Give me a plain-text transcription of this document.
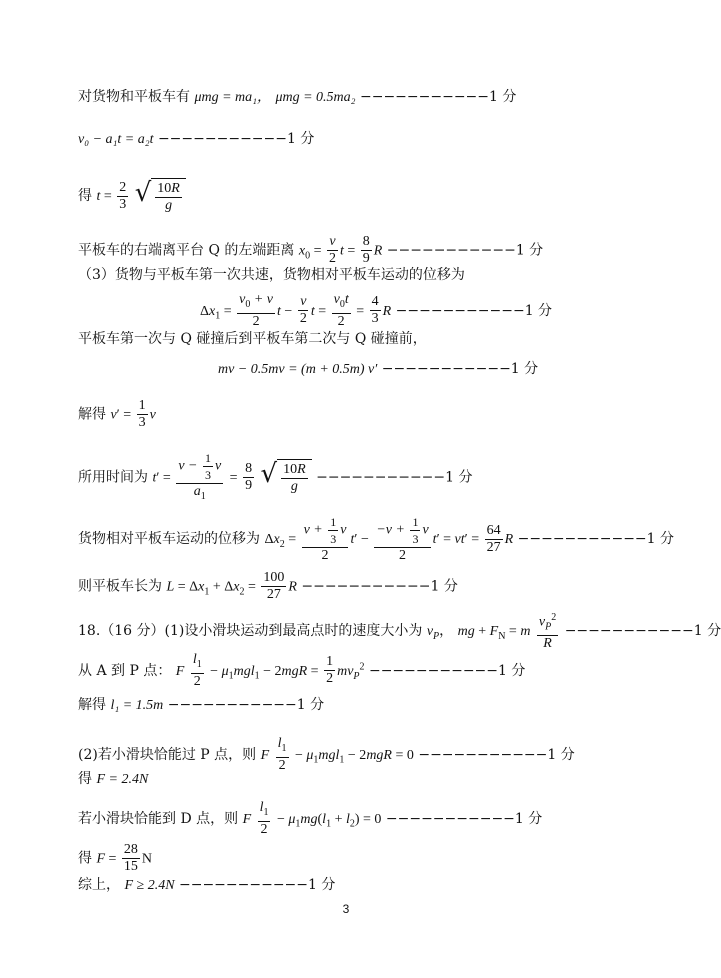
对货物和平板车有 μmg = ma₁， μmg = 0.5ma₂ −−−−−−−−−−−1 分
v₀ − a₁t = a₂t −−−−−−−−−−−1 分
得 $t = \frac{2}{3}$
√ $\frac{10R}{g}$
平板车的右端离平台 Q 的左端距离 $x_0 = \frac{v}{2}$ $t = \frac{8}{9}$ R −−−−−−−−−−−1 分
（3）货物与平板车第一次共速，货物相对平板车运动的位移为
$\Delta x_1 = \frac{v_0 + v}{2}$ $t - \frac{v}{2}$ $t = \frac{v_0t}{2} = \frac{4}{3}$ R −−−−−−−−−−−1 分
平板车第一次与 Q 碰撞后到平板车第二次与 Q 碰撞前，
mv − 0.5mv = (m + 0.5m) v′ −−−−−−−−−−−1 分
解得 $v' = \frac{1}{3}$ v
所用时间为 $t' = \frac{v - \frac{1}{3} v}{a_1} = \frac{8}{9}$
√ $\frac{10R}{g} -----------1$ 分
货物相对平板车运动的位移为 $\Delta x_2 = \frac{v + \frac{1}{3} v}{2} t' - \frac{-v + \frac{1}{3} v}{2} t' = vt' = \frac{64}{27}$ R −−−−−−−−−−−1 分
则平板车长为 $L = \Delta x_1 + \Delta x_2 = \frac{100}{27}$ R −−−−−−−−−−−1 分
18.（16 分）(1)设小滑块运动到最高点时的速度大小为 $v_P$， mg + $F_N = m \frac{v_P^2}{R} -----------1$ 分
从 A 到 P 点： F $\frac{l_1}{2} - \mu_1mgl_1 - 2mgR = \frac{1}{2} mv_P^2 -----------1$ 分
解得 l₁ = 1.5m −−−−−−−−−−−1 分
(2)若小滑块恰能过 P 点，则 F $\frac{l_1}{2} - \mu_1mgl_1 - 2mgR = 0 -----------1$ 分
得 F = 2.4N
若小滑块恰能到 D 点，则 F $\frac{l_1}{2} - \mu_1mg(l_1 + l_2) = 0 -----------1$ 分
得 $F = \frac{28}{15}$ N
综上， F ≥ 2.4N −−−−−−−−−−−1 分
3
